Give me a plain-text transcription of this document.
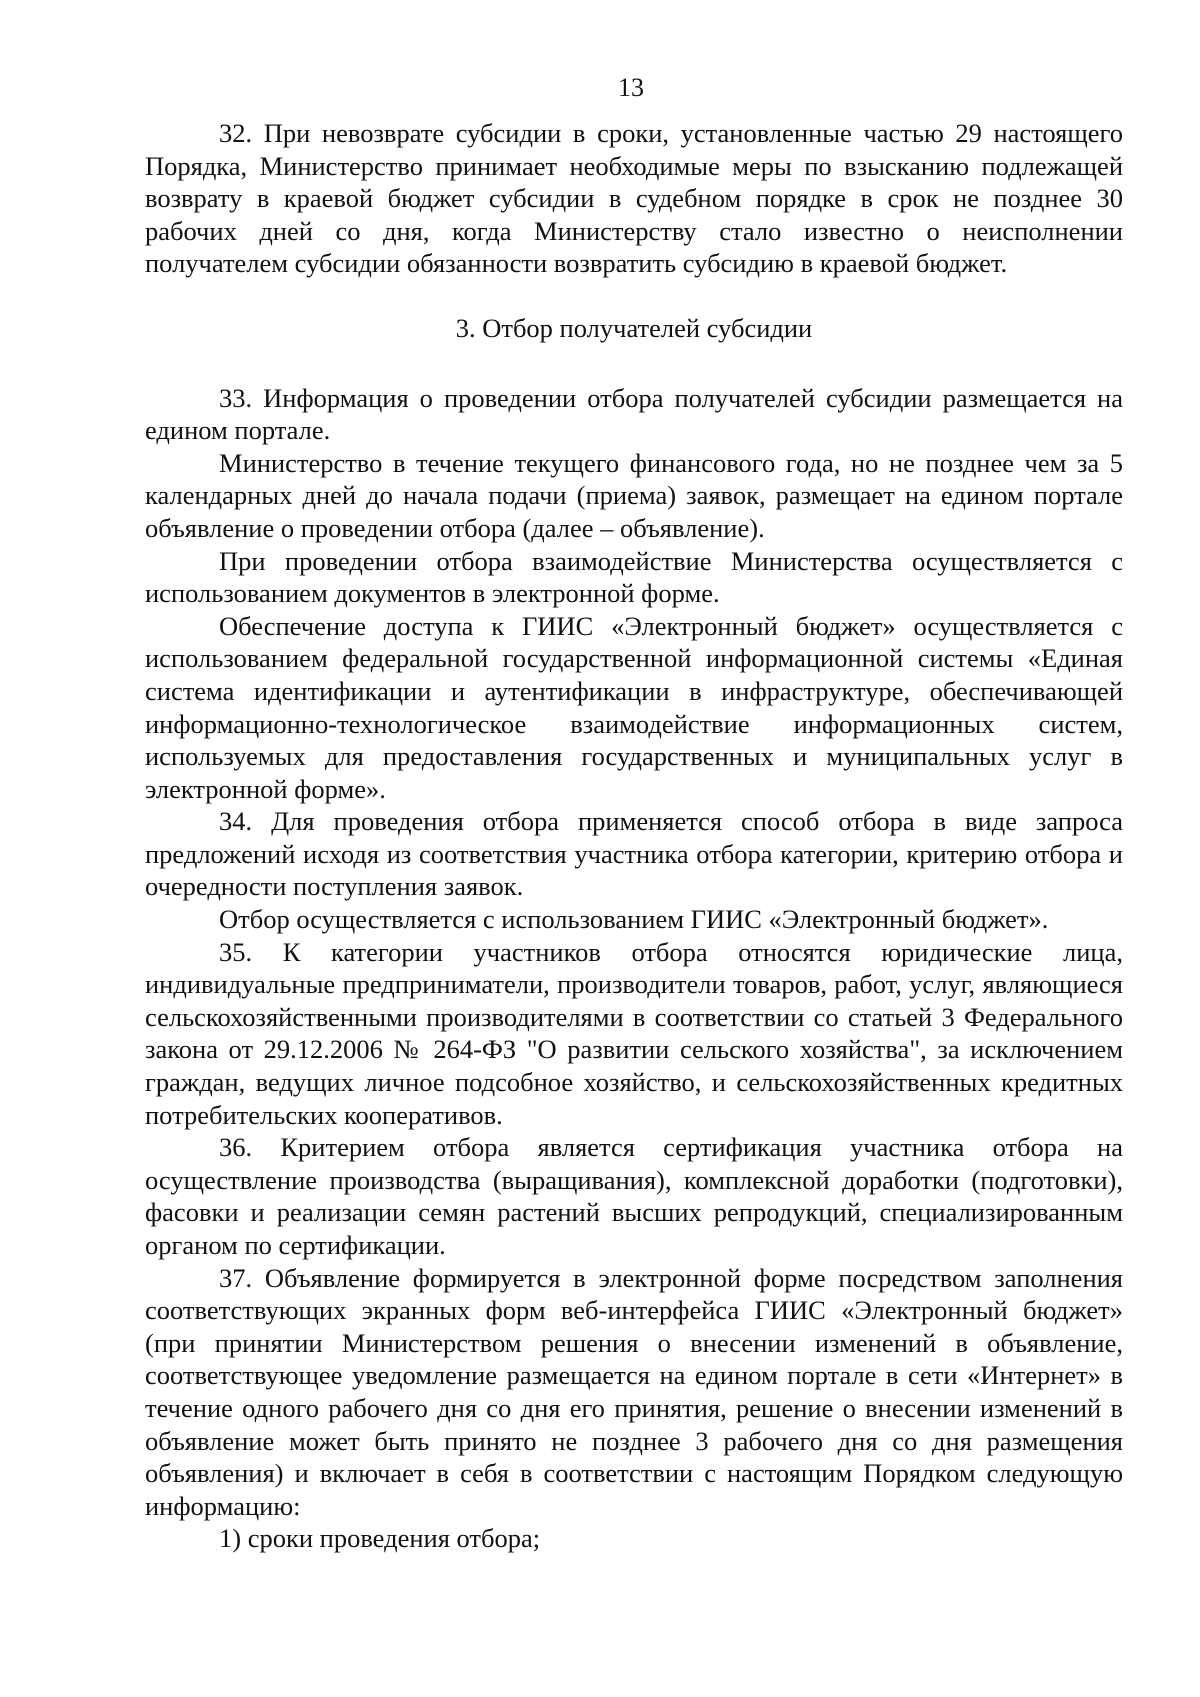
13

32. При невозврате субсидии в сроки, установленные частью 29 настоящего Порядка, Министерство принимает необходимые меры по взысканию подлежащей возврату в краевой бюджет субсидии в судебном порядке в срок не позднее 30 рабочих дней со дня, когда Министерству стало известно о неисполнении получателем субсидии обязанности возвратить субсидию в краевой бюджет.

3. Отбор получателей субсидии

33. Информация о проведении отбора получателей субсидии размещается на едином портале.

Министерство в течение текущего финансового года, но не позднее чем за 5 календарных дней до начала подачи (приема) заявок, размещает на едином портале объявление о проведении отбора (далее – объявление).

При проведении отбора взаимодействие Министерства осуществляется с использованием документов в электронной форме.

Обеспечение доступа к ГИИС «Электронный бюджет» осуществляется с использованием федеральной государственной информационной системы «Единая система идентификации и аутентификации в инфраструктуре, обеспечивающей информационно-технологическое взаимодействие информационных систем, используемых для предоставления государственных и муниципальных услуг в электронной форме».

34. Для проведения отбора применяется способ отбора в виде запроса предложений исходя из соответствия участника отбора категории, критерию отбора и очередности поступления заявок.

Отбор осуществляется с использованием ГИИС «Электронный бюджет».

35. К категории участников отбора относятся юридические лица, индивидуальные предприниматели, производители товаров, работ, услуг, являющиеся сельскохозяйственными производителями в соответствии со статьей 3 Федерального закона от 29.12.2006 № 264-ФЗ "О развитии сельского хозяйства", за исключением граждан, ведущих личное подсобное хозяйство, и сельскохозяйственных кредитных потребительских кооперативов.

36. Критерием отбора является сертификация участника отбора на осуществление производства (выращивания), комплексной доработки (подготовки), фасовки и реализации семян растений высших репродукций, специализированным органом по сертификации.

37. Объявление формируется в электронной форме посредством заполнения соответствующих экранных форм веб-интерфейса ГИИС «Электронный бюджет» (при принятии Министерством решения о внесении изменений в объявление, соответствующее уведомление размещается на едином портале в сети «Интернет» в течение одного рабочего дня со дня его принятия, решение о внесении изменений в объявление может быть принято не позднее 3 рабочего дня со дня размещения объявления) и включает в себя в соответствии с настоящим Порядком следующую информацию:

1) сроки проведения отбора;
